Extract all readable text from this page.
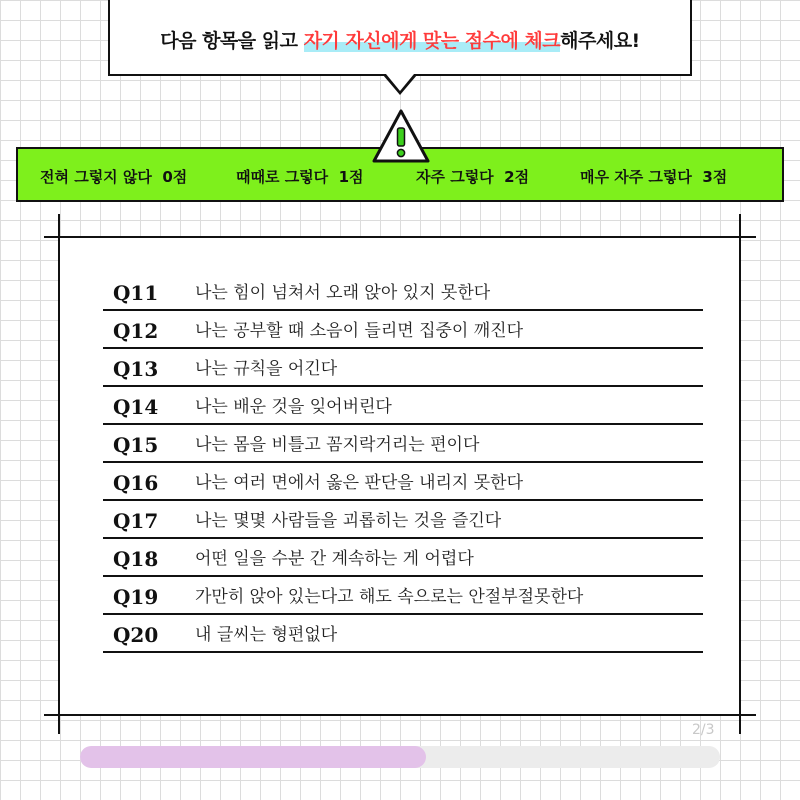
다음 항목을 읽고 자기 자신에게 맞는 점수에 체크해주세요!
전혀 그렇지 않다 0점	때때로 그렇다 1점	자주 그렇다 2점	매우 자주 그렇다 3점
Q11 나는 힘이 넘쳐서 오래 앉아 있지 못한다
Q12 나는 공부할 때 소음이 들리면 집중이 깨진다
Q13 나는 규칙을 어긴다
Q14 나는 배운 것을 잊어버린다
Q15 나는 몸을 비틀고 꼼지락거리는 편이다
Q16 나는 여러 면에서 옳은 판단을 내리지 못한다
Q17 나는 몇몇 사람들을 괴롭히는 것을 즐긴다
Q18 어떤 일을 수분 간 계속하는 게 어렵다
Q19 가만히 앉아 있는다고 해도 속으로는 안절부절못한다
Q20 내 글씨는 형편없다
2/3
